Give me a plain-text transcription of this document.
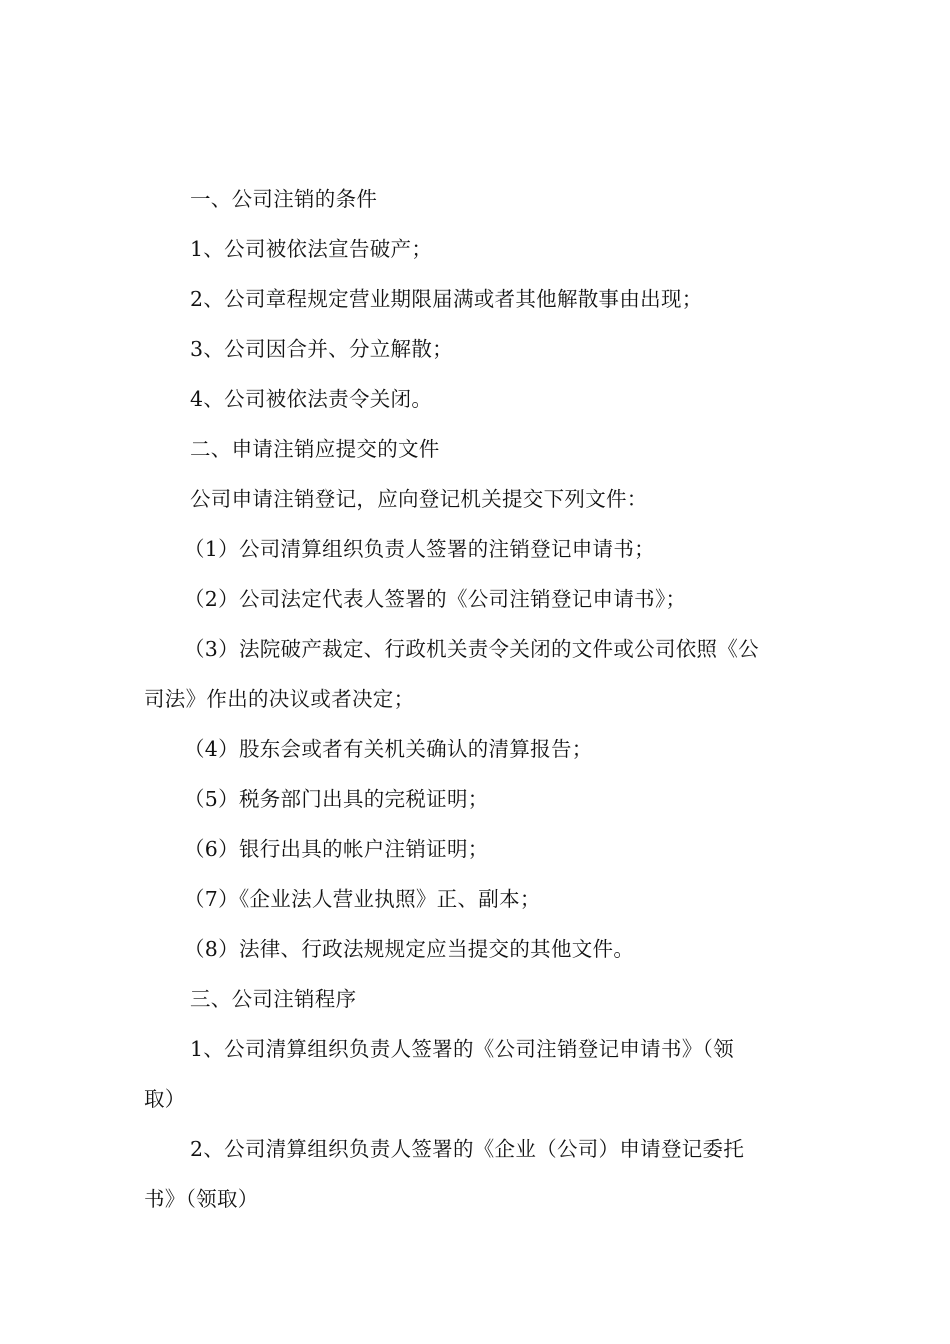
一、公司注销的条件
1、公司被依法宣告破产；
2、公司章程规定营业期限届满或者其他解散事由出现；
3、公司因合并、分立解散；
4、公司被依法责令关闭。
二、申请注销应提交的文件
公司申请注销登记，应向登记机关提交下列文件：
（1）公司清算组织负责人签署的注销登记申请书；
（2）公司法定代表人签署的《公司注销登记申请书》；
（3）法院破产裁定、行政机关责令关闭的文件或公司依照《公
司法》作出的决议或者决定；
（4）股东会或者有关机关确认的清算报告；
（5）税务部门出具的完税证明；
（6）银行出具的帐户注销证明；
（7）《企业法人营业执照》正、副本；
（8）法律、行政法规规定应当提交的其他文件。
三、公司注销程序
1、公司清算组织负责人签署的《公司注销登记申请书》（领
取）
2、公司清算组织负责人签署的《企业（公司）申请登记委托
书》（领取）
